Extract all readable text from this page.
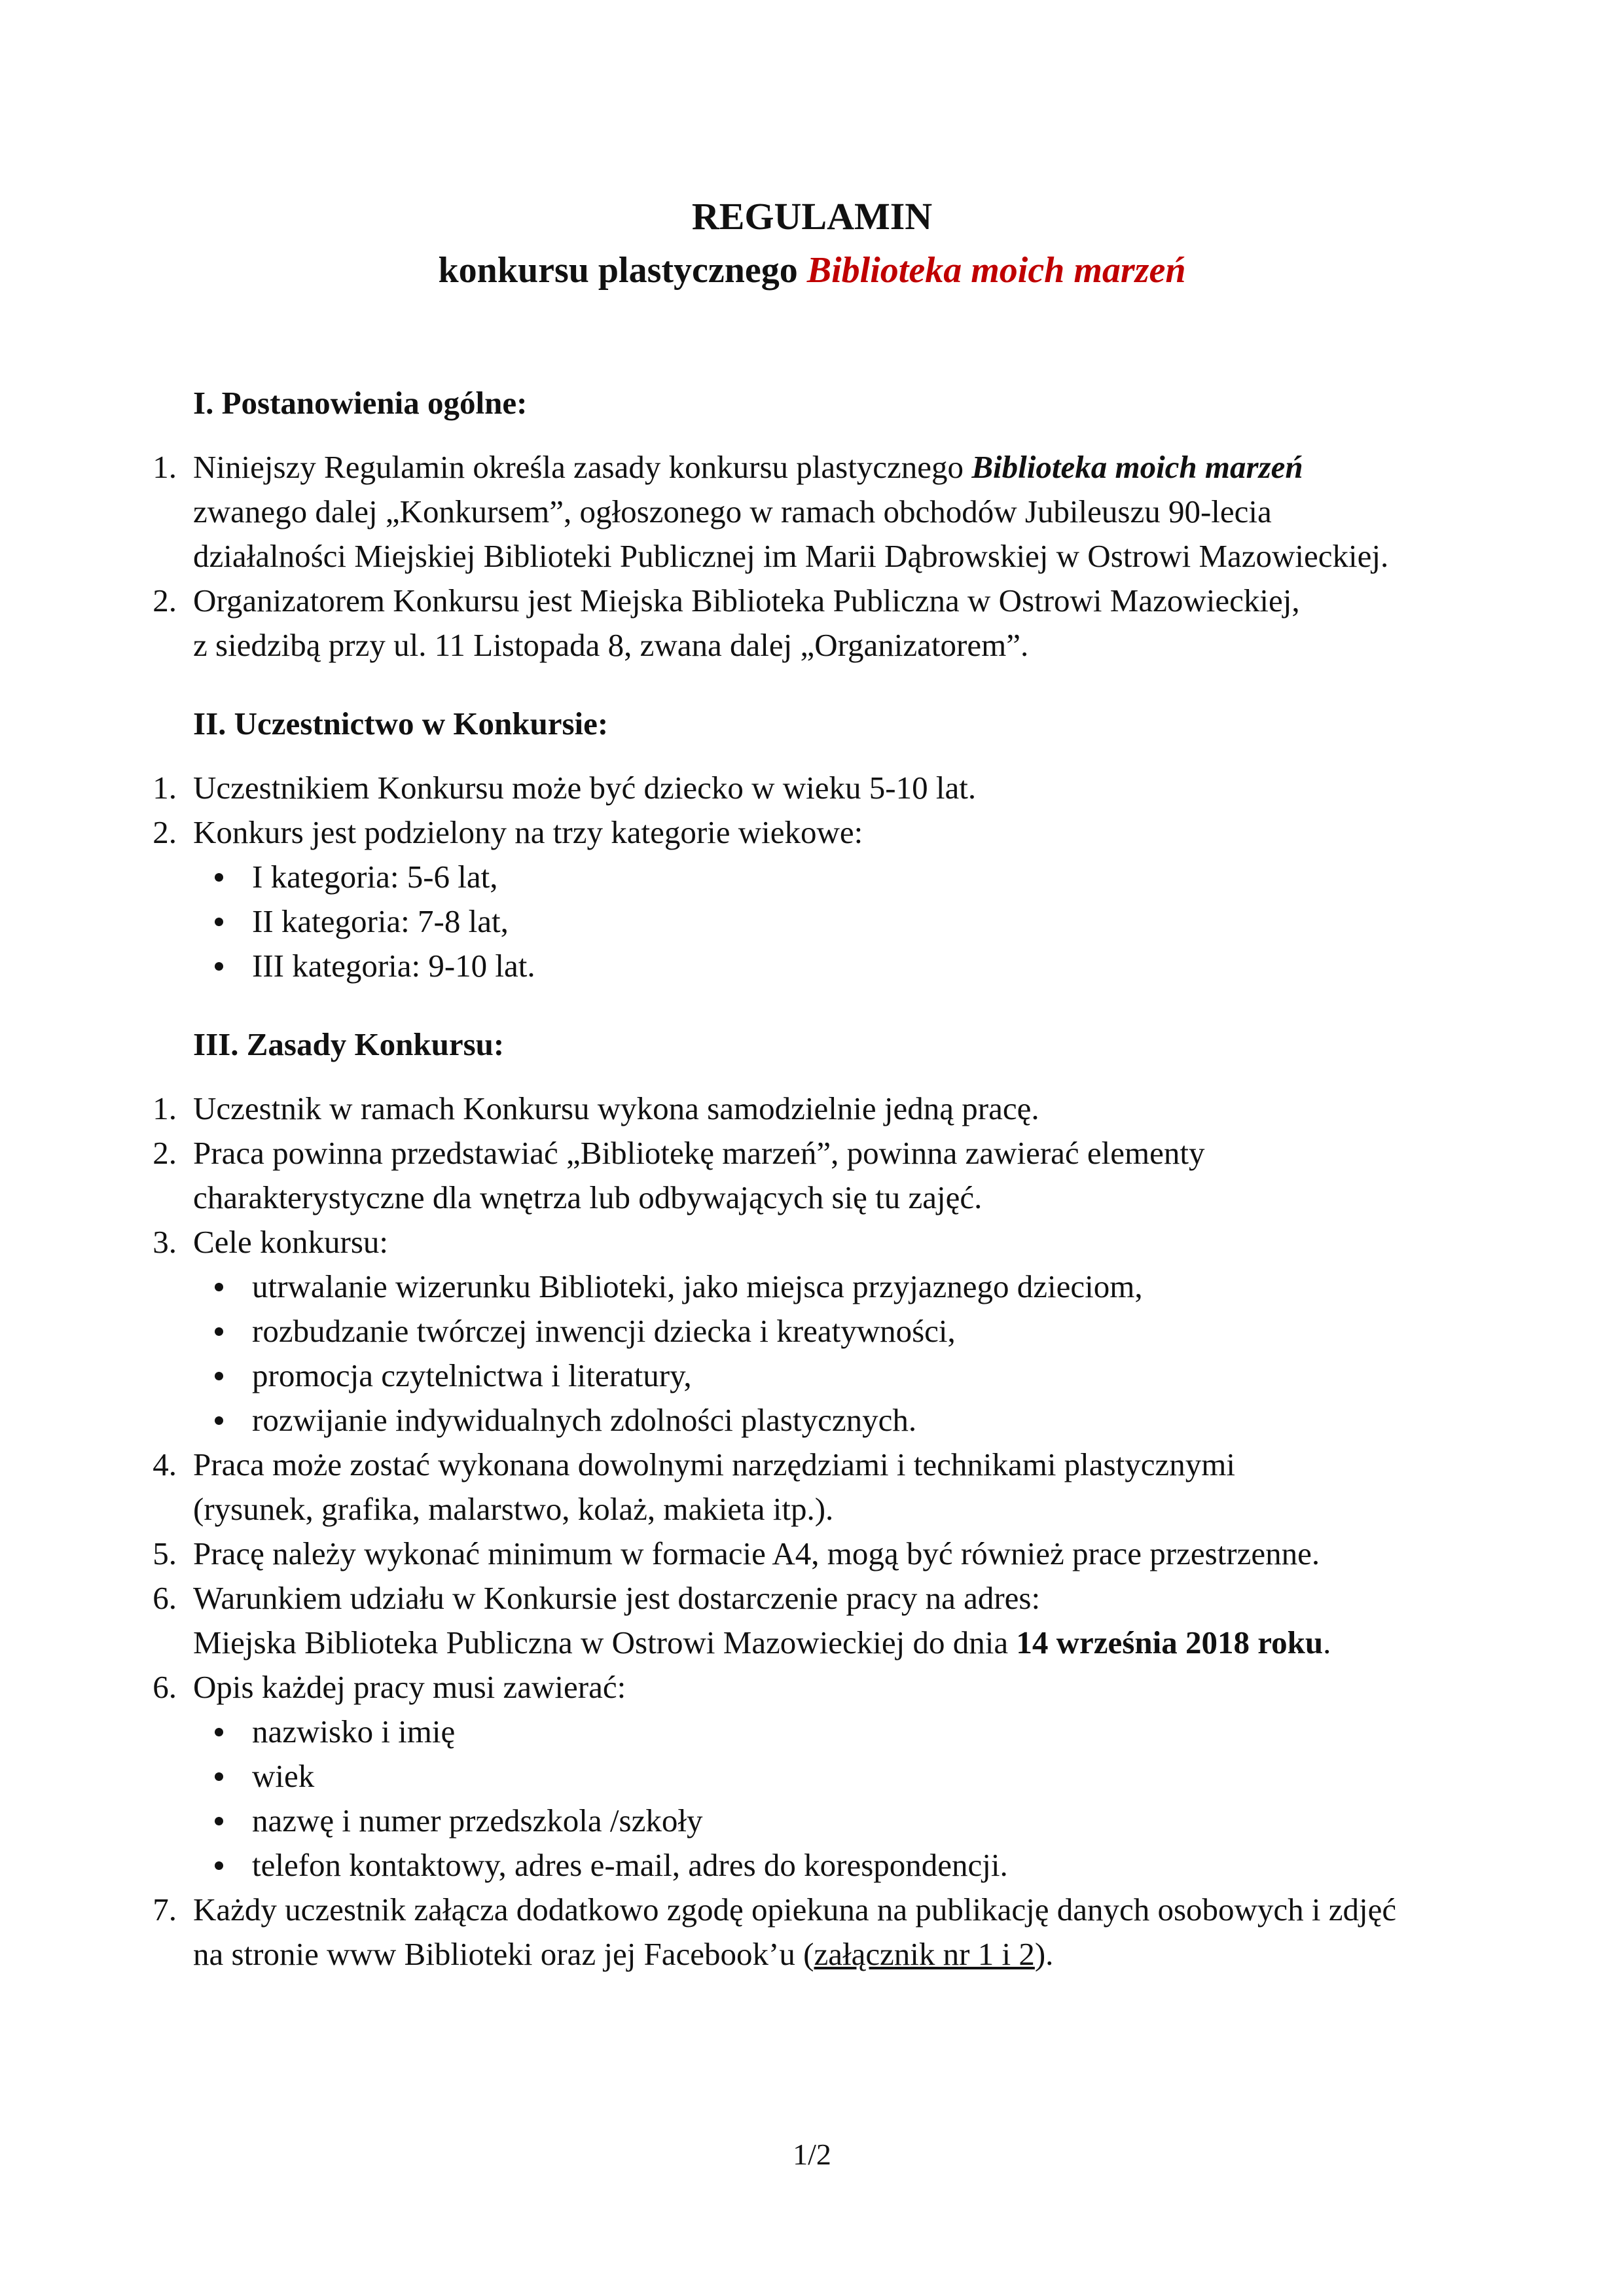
REGULAMIN
konkursu plastycznego Biblioteka moich marzeń
I. Postanowienia ogólne:
1. Niniejszy Regulamin określa zasady konkursu plastycznego Biblioteka moich marzeń
zwanego dalej „Konkursem”, ogłoszonego w ramach obchodów Jubileuszu 90-lecia
działalności Miejskiej Biblioteki Publicznej im Marii Dąbrowskiej w Ostrowi Mazowieckiej.
2. Organizatorem Konkursu jest Miejska Biblioteka Publiczna w Ostrowi Mazowieckiej,
z siedzibą przy ul. 11 Listopada 8, zwana dalej „Organizatorem”.
II. Uczestnictwo w Konkursie:
1. Uczestnikiem Konkursu może być dziecko w wieku 5-10 lat.
2. Konkurs jest podzielony na trzy kategorie wiekowe:
I kategoria: 5-6 lat,
II kategoria: 7-8 lat,
III kategoria: 9-10 lat.
III. Zasady Konkursu:
1. Uczestnik w ramach Konkursu wykona samodzielnie jedną pracę.
2. Praca powinna przedstawiać „Bibliotekę marzeń”, powinna zawierać elementy
charakterystyczne dla wnętrza lub odbywających się tu zajęć.
3. Cele konkursu:
utrwalanie wizerunku Biblioteki, jako miejsca przyjaznego dzieciom,
rozbudzanie twórczej inwencji dziecka i kreatywności,
promocja czytelnictwa i literatury,
rozwijanie indywidualnych zdolności plastycznych.
4. Praca może zostać wykonana dowolnymi narzędziami i technikami plastycznymi
(rysunek, grafika, malarstwo, kolaż, makieta itp.).
5. Pracę należy wykonać minimum w formacie A4, mogą być również prace przestrzenne.
6. Warunkiem udziału w Konkursie jest dostarczenie pracy na adres:
Miejska Biblioteka Publiczna w Ostrowi Mazowieckiej do dnia 14 września 2018 roku.
6. Opis każdej pracy musi zawierać:
nazwisko i imię
wiek
nazwę i numer przedszkola /szkoły
telefon kontaktowy, adres e-mail, adres do korespondencji.
7. Każdy uczestnik załącza dodatkowo zgodę opiekuna na publikację danych osobowych i zdjęć
na stronie www Biblioteki oraz jej Facebook’u (załącznik nr 1 i 2).
1/2
